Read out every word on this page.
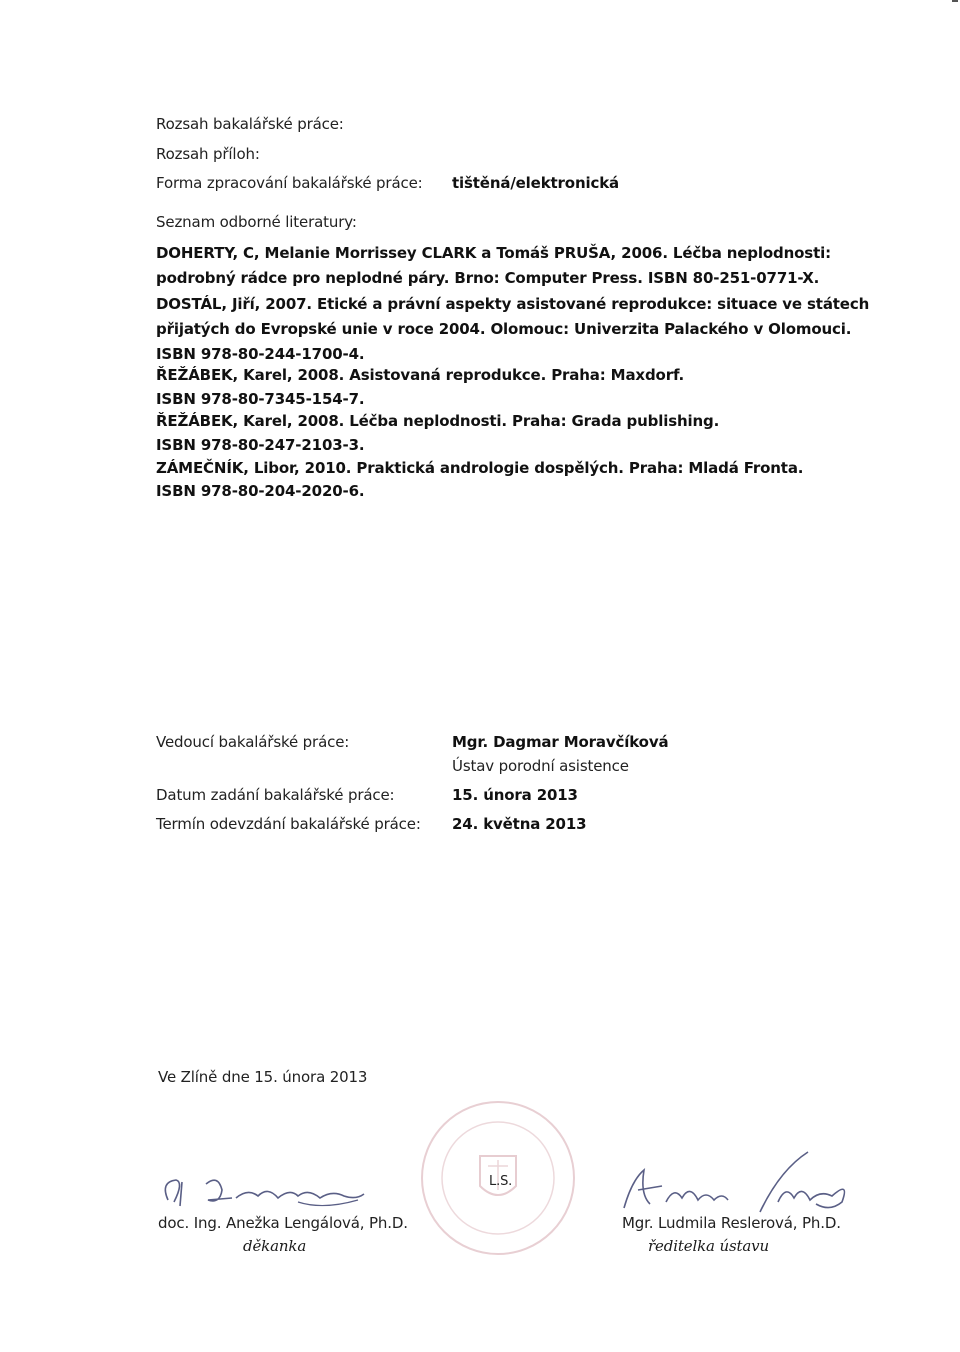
Rozsah bakalářské práce:
Rozsah příloh:
Forma zpracování bakalářské práce: tištěná/elektronická
Seznam odborné literatury:
DOHERTY, C, Melanie Morrissey CLARK a Tomáš PRUŠA, 2006. Léčba neplodnosti:
podrobný rádce pro neplodné páry. Brno: Computer Press. ISBN 80-251-0771-X.
DOSTÁL, Jiří, 2007. Etické a právní aspekty asistované reprodukce: situace ve státech
přijatých do Evropské unie v roce 2004. Olomouc: Univerzita Palackého v Olomouci.
ISBN 978-80-244-1700-4.
ŘEŽÁBEK, Karel, 2008. Asistovaná reprodukce. Praha: Maxdorf.
ISBN 978-80-7345-154-7.
ŘEŽÁBEK, Karel, 2008. Léčba neplodnosti. Praha: Grada publishing.
ISBN 978-80-247-2103-3.
ZÁMEČNÍK, Libor, 2010. Praktická andrologie dospělých. Praha: Mladá Fronta.
ISBN 978-80-204-2020-6.
Vedoucí bakalářské práce:	Mgr. Dagmar Moravčíková
Ústav porodní asistence
Datum zadání bakalářské práce:	15. února 2013
Termín odevzdání bakalářské práce: 24. května 2013
Ve Zlíně dne 15. února 2013
L.S.
doc. Ing. Anežka Lengálová, Ph.D.
děkanka
Mgr. Ludmila Reslerová, Ph.D.
ředitelka ústavu
